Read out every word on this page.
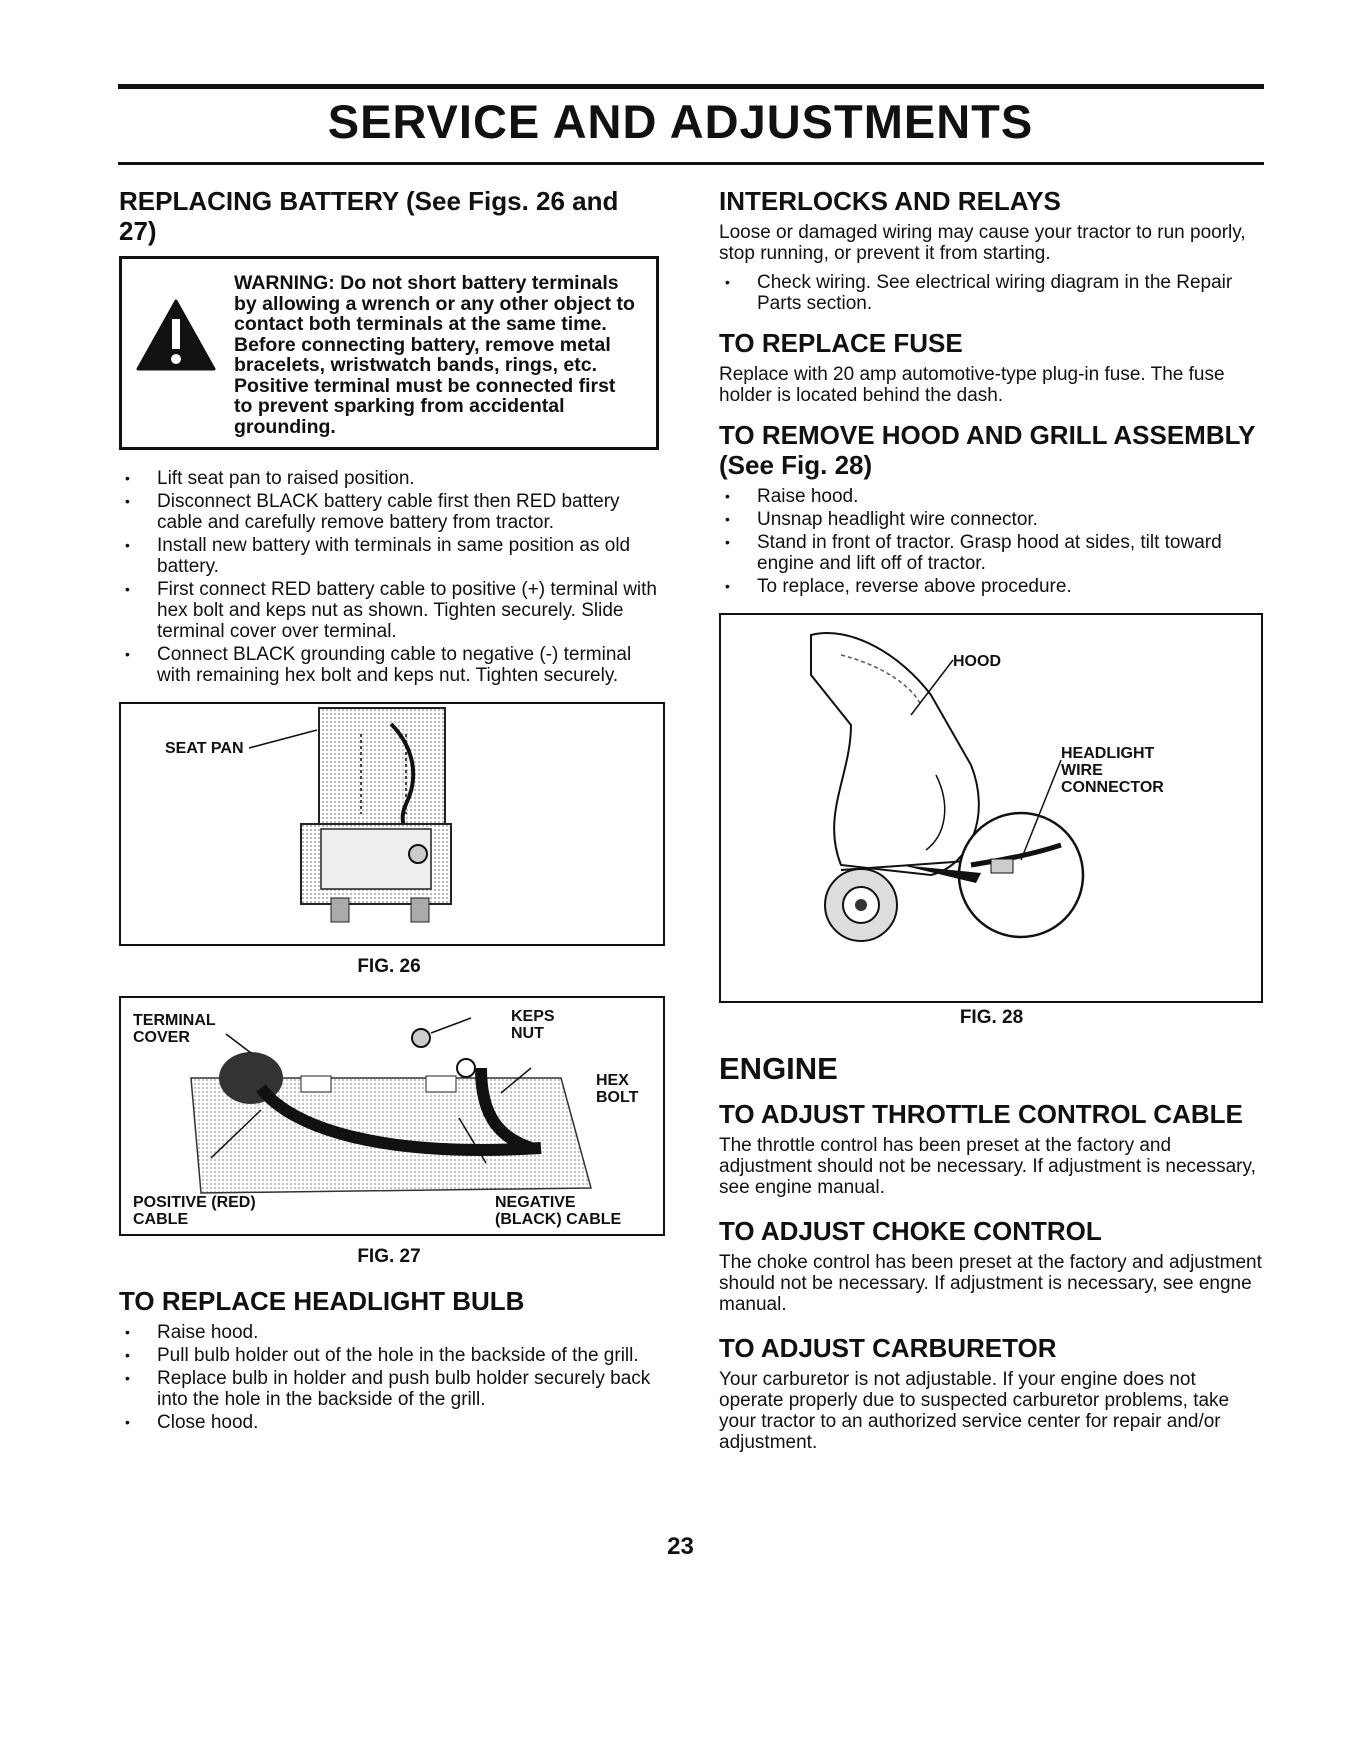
SERVICE AND ADJUSTMENTS
REPLACING BATTERY (See Figs. 26 and 27)

WARNING: Do not short battery terminals by allowing a wrench or any other object to contact both terminals at the same time. Before connecting battery, remove metal bracelets, wristwatch bands, rings, etc. Positive terminal must be connected first to prevent sparking from accidental grounding.

• Lift seat pan to raised position.
• Disconnect BLACK battery cable first then RED battery cable and carefully remove battery from tractor.
• Install new battery with terminals in same position as old battery.
• First connect RED battery cable to positive (+) terminal with hex bolt and keps nut as shown. Tighten securely. Slide terminal cover over terminal.
• Connect BLACK grounding cable to negative (-) terminal with remaining hex bolt and keps nut. Tighten securely.
SEAT PAN
FIG. 26
TERMINAL
COVER
KEPS
NUT
HEX
BOLT
POSITIVE (RED)
CABLE
NEGATIVE
(BLACK) CABLE
FIG. 27
TO REPLACE HEADLIGHT BULB
• Raise hood.
• Pull bulb holder out of the hole in the backside of the grill.
• Replace bulb in holder and push bulb holder securely back into the hole in the backside of the grill.
• Close hood.
INTERLOCKS AND RELAYS

Loose or damaged wiring may cause your tractor to run poorly, stop running, or prevent it from starting.

• Check wiring. See electrical wiring diagram in the Repair Parts section.
TO REPLACE FUSE

Replace with 20 amp automotive-type plug-in fuse. The fuse holder is located behind the dash.

TO REMOVE HOOD AND GRILL ASSEMBLY
(See Fig. 28)
• Raise hood.
• Unsnap headlight wire connector.
• Stand in front of tractor. Grasp hood at sides, tilt toward engine and lift off of tractor.
• To replace, reverse above procedure.
HOOD
HEADLIGHT
WIRE
CONNECTOR
FIG. 28
ENGINE
TO ADJUST THROTTLE CONTROL CABLE

The throttle control has been preset at the factory and adjustment should not be necessary. If adjustment is necessary, see engine manual.

TO ADJUST CHOKE CONTROL

The choke control has been preset at the factory and adjustment should not be necessary. If adjustment is necessary, see engne manual.

TO ADJUST CARBURETOR

Your carburetor is not adjustable. If your engine does not operate properly due to suspected carburetor problems, take your tractor to an authorized service center for repair and/or adjustment.

23
